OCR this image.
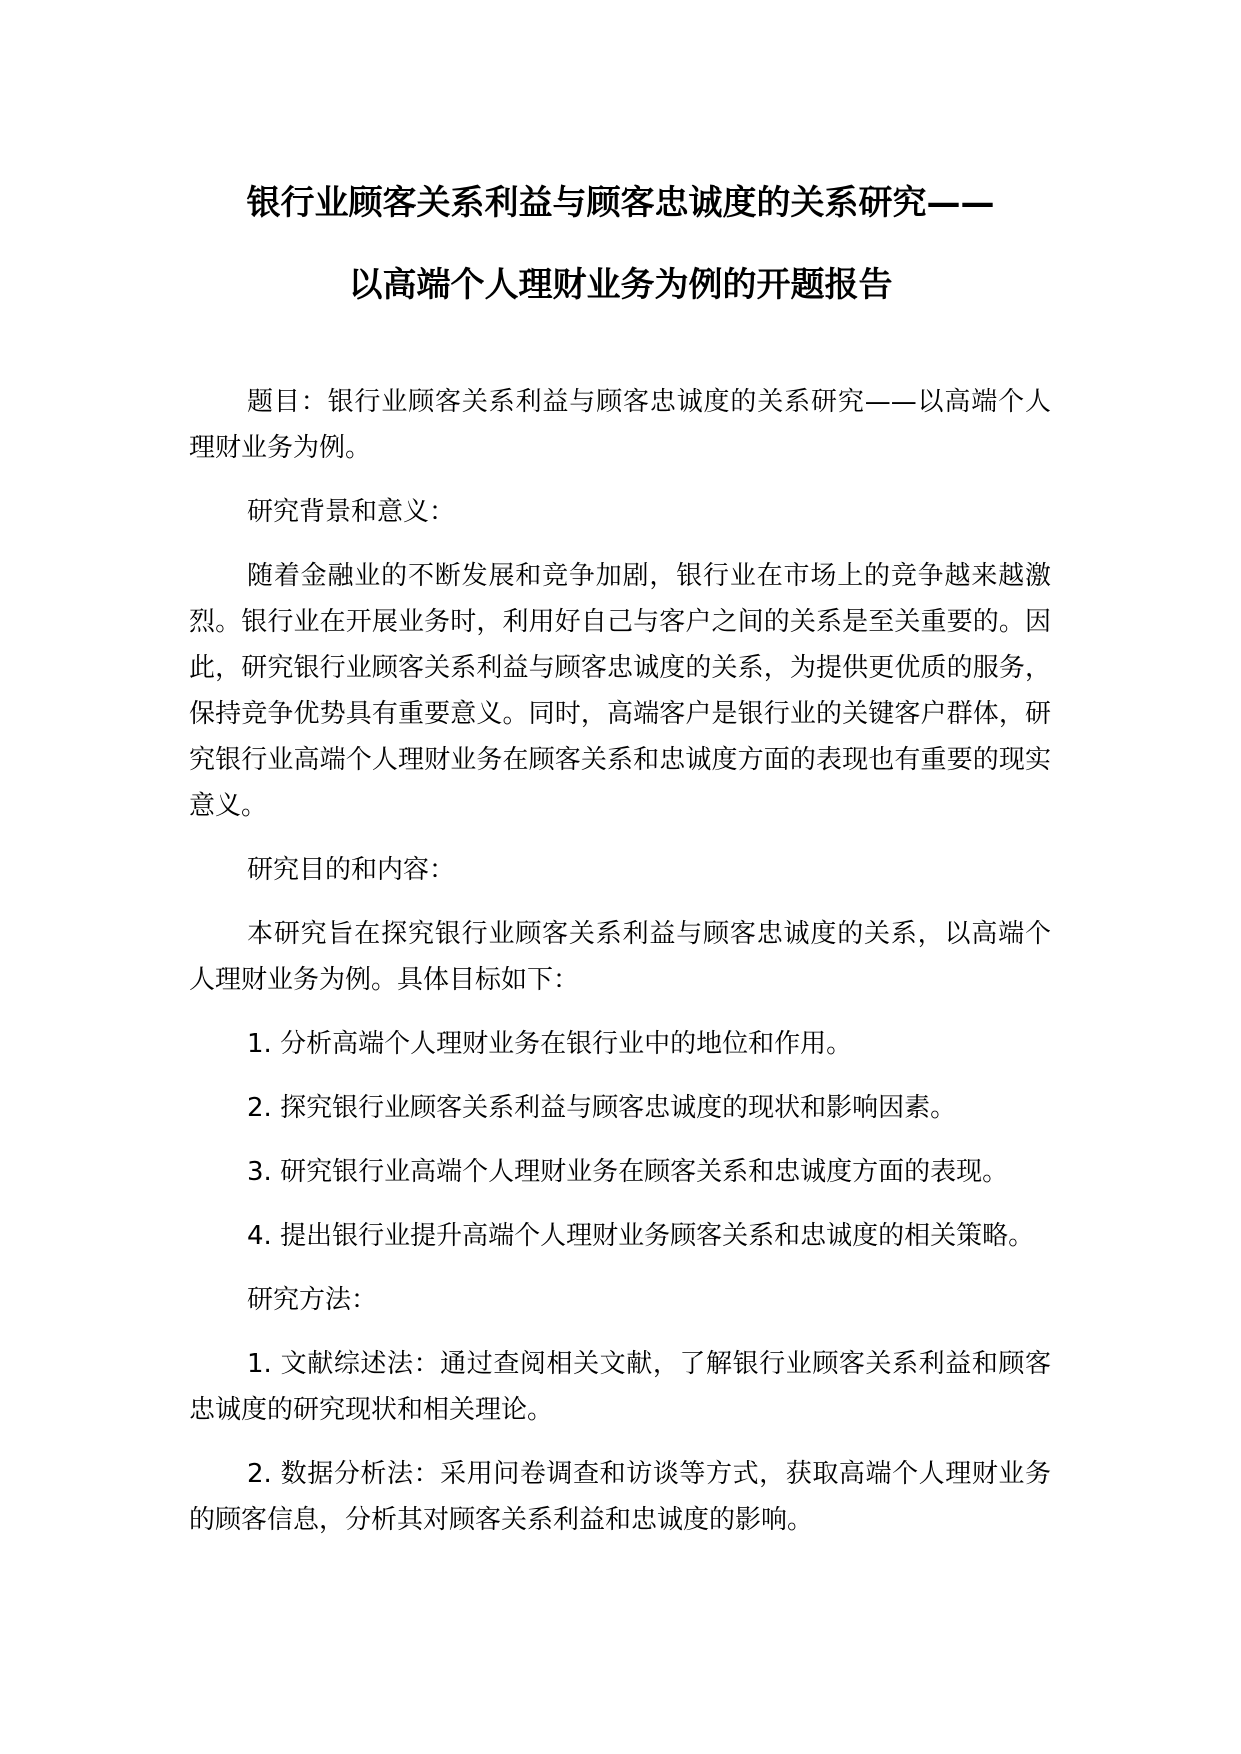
银行业顾客关系利益与顾客忠诚度的关系研究——
以高端个人理财业务为例的开题报告

题目：银行业顾客关系利益与顾客忠诚度的关系研究——以高端个人理财业务为例。

研究背景和意义：

随着金融业的不断发展和竞争加剧，银行业在市场上的竞争越来越激烈。银行业在开展业务时，利用好自己与客户之间的关系是至关重要的。因此，研究银行业顾客关系利益与顾客忠诚度的关系，为提供更优质的服务，保持竞争优势具有重要意义。同时，高端客户是银行业的关键客户群体，研究银行业高端个人理财业务在顾客关系和忠诚度方面的表现也有重要的现实意义。

研究目的和内容：

本研究旨在探究银行业顾客关系利益与顾客忠诚度的关系，以高端个人理财业务为例。具体目标如下：

1. 分析高端个人理财业务在银行业中的地位和作用。

2. 探究银行业顾客关系利益与顾客忠诚度的现状和影响因素。

3. 研究银行业高端个人理财业务在顾客关系和忠诚度方面的表现。

4. 提出银行业提升高端个人理财业务顾客关系和忠诚度的相关策略。

研究方法：

1. 文献综述法：通过查阅相关文献，了解银行业顾客关系利益和顾客忠诚度的研究现状和相关理论。

2. 数据分析法：采用问卷调查和访谈等方式，获取高端个人理财业务的顾客信息，分析其对顾客关系利益和忠诚度的影响。
